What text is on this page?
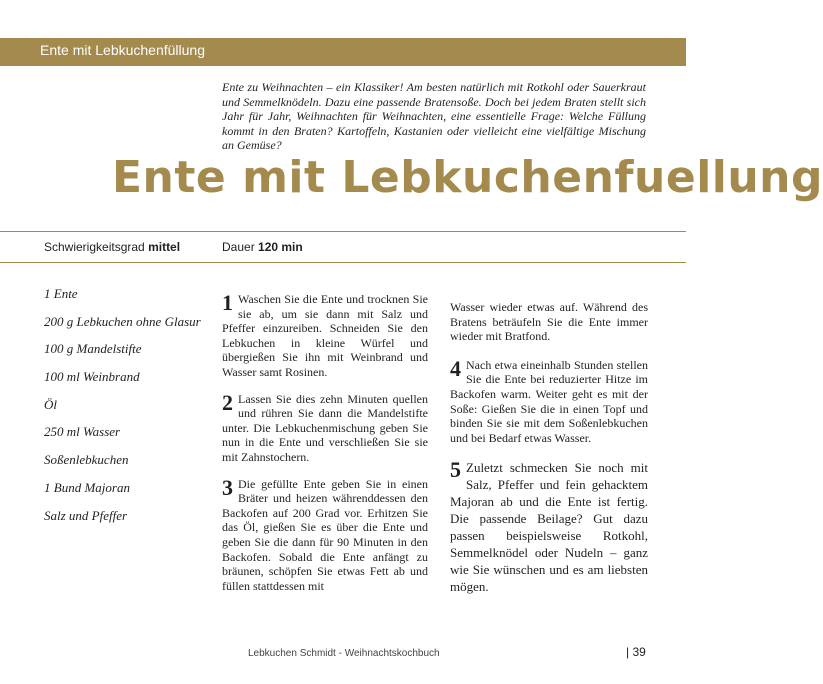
Ente mit Lebkuchenfüllung

Ente zu Weihnachten – ein Klassiker! Am besten natürlich mit Rotkohl oder Sauerkraut und Semmelknödeln. Dazu eine passende Bratensoße. Doch bei jedem Braten stellt sich Jahr für Jahr, Weihnachten für Weihnachten, eine essentielle Frage: Welche Füllung kommt in den Braten? Kartoffeln, Kastanien oder vielleicht eine vielfältige Mischung an Gemüse?

Ente mit Lebkuchenfuellung
Schwierigkeitsgrad mittel	Dauer 120 min
1 Ente
200 g Lebkuchen ohne Glasur
100 g Mandelstifte
100 ml Weinbrand
Öl
250 ml Wasser
Soßenlebkuchen
1 Bund Majoran
Salz und Pfeffer
1 Waschen Sie die Ente und trocknen Sie sie ab, um sie dann mit Salz und Pfeffer einzureiben. Schneiden Sie den Lebkuchen in kleine Würfel und übergießen Sie ihn mit Weinbrand und Wasser samt Rosinen.
2 Lassen Sie dies zehn Minuten quellen und rühren Sie dann die Mandelstifte unter. Die Lebkuchenmischung geben Sie nun in die Ente und verschließen Sie sie mit Zahnstochern.
3 Die gefüllte Ente geben Sie in einen Bräter und heizen währenddessen den Backofen auf 200 Grad vor. Erhitzen Sie das Öl, gießen Sie es über die Ente und geben Sie die dann für 90 Minuten in den Backofen. Sobald die Ente anfängt zu bräunen, schöpfen Sie etwas Fett ab und füllen stattdessen mit
Wasser wieder etwas auf. Während des Bratens beträufeln Sie die Ente immer wieder mit Bratfond.
4 Nach etwa eineinhalb Stunden stellen Sie die Ente bei reduzierter Hitze im Backofen warm. Weiter geht es mit der Soße: Gießen Sie die in einen Topf und binden Sie sie mit dem Soßenlebkuchen und bei Bedarf etwas Wasser.
5 Zuletzt schmecken Sie noch mit Salz, Pfeffer und fein gehacktem Majoran ab und die Ente ist fertig. Die passende Beilage? Gut dazu passen beispielsweise Rotkohl, Semmelknödel oder Nudeln – ganz wie Sie wünschen und es am liebsten mögen.
Lebkuchen Schmidt - Weihnachtskochbuch	| 39
